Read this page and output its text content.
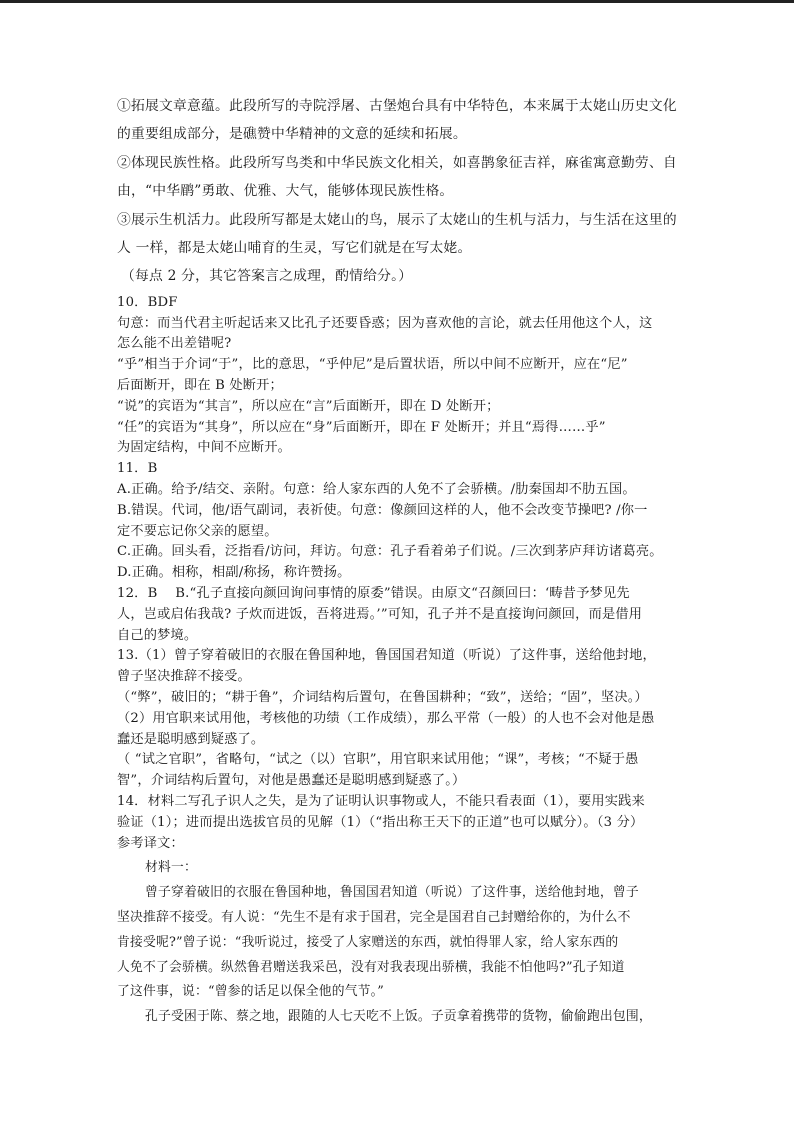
①拓展文章意蕴。此段所写的寺院浮屠、古堡炮台具有中华特色，本来属于太姥山历史文化

的重要组成部分，是礁赞中华精神的文意的延续和拓展。

②体现民族性格。此段所写鸟类和中华民族文化相关，如喜鹊象征吉祥，麻雀寓意勤劳、自

由，“中华鹛”勇敢、优雅、大气，能够体现民族性格。

③展示生机活力。此段所写都是太姥山的鸟，展示了太姥山的生机与活力，与生活在这里的

人 一样，都是太姥山哺育的生灵，写它们就是在写太姥。

（每点 2 分，其它答案言之成理，酌情给分。）

10．BDF

句意：而当代君主听起话来又比孔子还要昏惑；因为喜欢他的言论，就去任用他这个人，这

怎么能不出差错呢?

“乎”相当于介词“于”，比的意思，“乎仲尼”是后置状语，所以中间不应断开，应在“尼”

后面断开，即在 B 处断开；

“说”的宾语为“其言”，所以应在“言”后面断开，即在 D 处断开；

“任”的宾语为“其身”，所以应在“身”后面断开，即在 F 处断开；并且“焉得……乎”

为固定结构，中间不应断开。

11．B

A.正确。给予/结交、亲附。句意：给人家东西的人免不了会骄横。/肋秦国却不肋五国。

B.错误。代词，他/语气副词，表祈使。句意：像颜回这样的人，他不会改变节操吧? /你一

定不要忘记你父亲的愿望。

C.正确。回头看，泛指看/访问，拜访。句意：孔子看着弟子们说。/三次到茅庐拜访诸葛亮。

D.正确。相称，相副/称扬，称许赞扬。

12．B　 B.“孔子直接向颜回询问事情的原委”错误。由原文“召颜回曰：‘畴昔予梦见先

人，岂或启佑我哉? 子炊而进饭，吾将进焉。’”可知，孔子并不是直接询问颜回，而是借用

自己的梦境。

13.（1）曾子穿着破旧的衣服在鲁国种地，鲁国国君知道（听说）了这件事，送给他封地，

曾子坚决推辞不接受。

（“弊”，破旧的；“耕于鲁”，介词结构后置句，在鲁国耕种；“致”，送给；“固”，坚决。）

（2）用官职来试用他，考核他的功绩（工作成绩），那么平常（一般）的人也不会对他是愚

蠢还是聪明感到疑惑了。

（ “试之官职”，省略句，“试之（以）官职”，用官职来试用他；“课”，考核；“不疑于愚

智”，介词结构后置句，对他是愚蠢还是聪明感到疑惑了。）

14．材料二写孔子识人之失，是为了证明认识事物或人，不能只看表面（1），要用实践来

验证（1）；进而提出选拔官员的见解（1）（“指出称王天下的正道”也可以赋分）。（3 分）

参考译文：

材料一：

曾子穿着破旧的衣服在鲁国种地，鲁国国君知道（听说）了这件事，送给他封地，曾子

坚决推辞不接受。有人说：“先生不是有求于国君，完全是国君自己封赠给你的，为什么不

肯接受呢?”曾子说：“我听说过，接受了人家赠送的东西，就怕得罪人家，给人家东西的

人免不了会骄横。纵然鲁君赠送我采邑，没有对我表现出骄横，我能不怕他吗?”孔子知道

了这件事，说：“曾参的话足以保全他的气节。”

孔子受困于陈、蔡之地，跟随的人七天吃不上饭。子贡拿着携带的货物，偷偷跑出包围，
